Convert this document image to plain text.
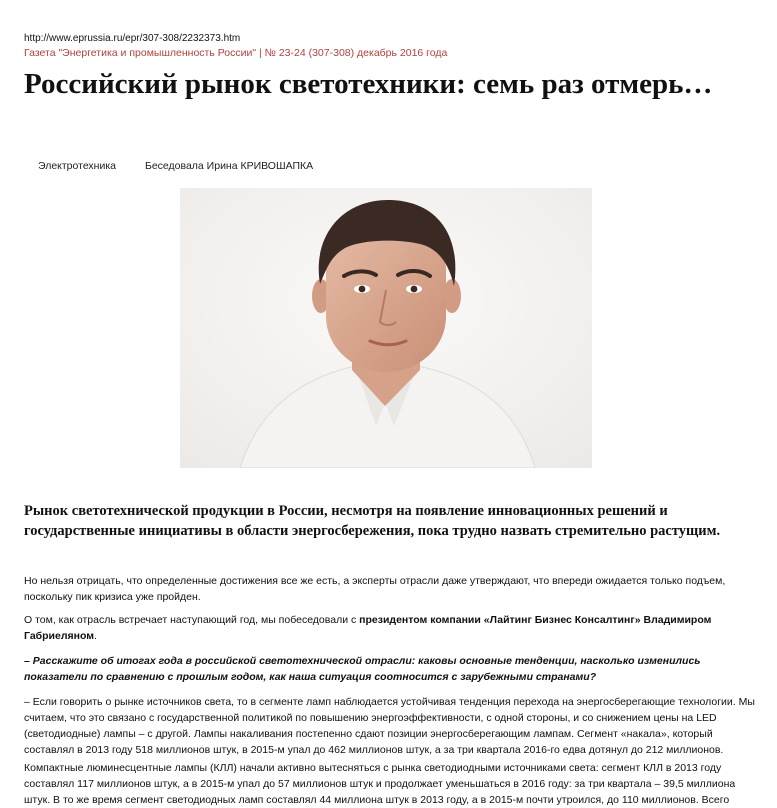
http://www.eprussia.ru/epr/307-308/2232373.htm
Газета "Энергетика и промышленность России" | № 23-24 (307-308) декабрь 2016 года
Российский рынок светотехники: семь раз отмерь…
Электротехника	Беседовала Ирина КРИВОШАПКА

Рынок светотехнической продукции в России, несмотря на появление инновационных решений и государственные инициативы в области энергосбережения, пока трудно назвать стремительно растущим.

Но нельзя отрицать, что определенные достижения все же есть, а эксперты отрасли даже утверждают, что впереди ожидается только подъем, поскольку пик кризиса уже пройден.

О том, как отрасль встречает наступающий год, мы побеседовали с президентом компании «Лайтинг Бизнес Консалтинг» Владимиром Габриеляном.

– Расскажите об итогах года в российской светотехнической отрасли: каковы основные тенденции, насколько изменились показатели по сравнению с прошлым годом, как наша ситуация соотносится с зарубежными странами?

– Если говорить о рынке источников света, то в сегменте ламп наблюдается устойчивая тенденция перехода на энергосберегающие технологии. Мы считаем, что это связано с государственной политикой по повышению энергоэффективности, с одной стороны, и со снижением цены на LED (светодиодные) лампы – с другой. Лампы накаливания постепенно сдают позиции энергосберегающим лампам. Сегмент «накала», который составлял в 2013 году 518 миллионов штук, в 2015-м упал до 462 миллионов штук, а за три квартала 2016-го едва дотянул до 212 миллионов.

Компактные люминесцентные лампы (КЛЛ) начали активно вытесняться с рынка светодиодными источниками света: сегмент КЛЛ в 2013 году составлял 117 миллионов штук, а в 2015-м упал до 57 миллионов штук и продолжает уменьшаться в 2016 году: за три квартала – 39,5 миллиона штук. В то же время сегмент светодиодных ламп составлял 44 миллиона штук в 2013 году, а в 2015-м почти утроился, до 110 миллионов. Всего
